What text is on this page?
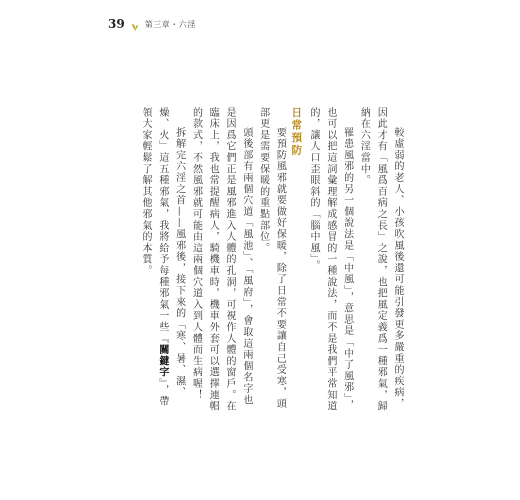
39	第三章・六淫

較虛弱的老人、小孩吹風後還可能引發更多嚴重的疾病，因此才有「風爲百病之長」之說，也把風定義爲一種邪氣，歸納在六淫當中。

罹患風邪的另一個說法是「中風」，意思是「中了風邪」，也可以把這詞彙理解成感冒的一種說法，而不是我們平常知道的，讓人口歪眼斜的「腦中風」。

日常預防

要預防風邪就要做好保暖，除了日常不要讓自己受寒，頭部更是需要保暖的重點部位。

頭後部有兩個穴道「風池」、「風府」，會取這兩個名字也是因爲它們正是風邪進入人體的孔洞，可視作人體的窗戶。在臨床上，我也常提醒病人，騎機車時，機車外套可以選擇連帽的款式，不然風邪就可能由這兩個穴道入到人體而生病喔！

拆解完六淫之首——風邪後，接下來的「寒、暑、濕、燥、火」這五種邪氣，我將給予每種邪氣一些『關鍵字』，帶領大家輕鬆了解其他邪氣的本質。
